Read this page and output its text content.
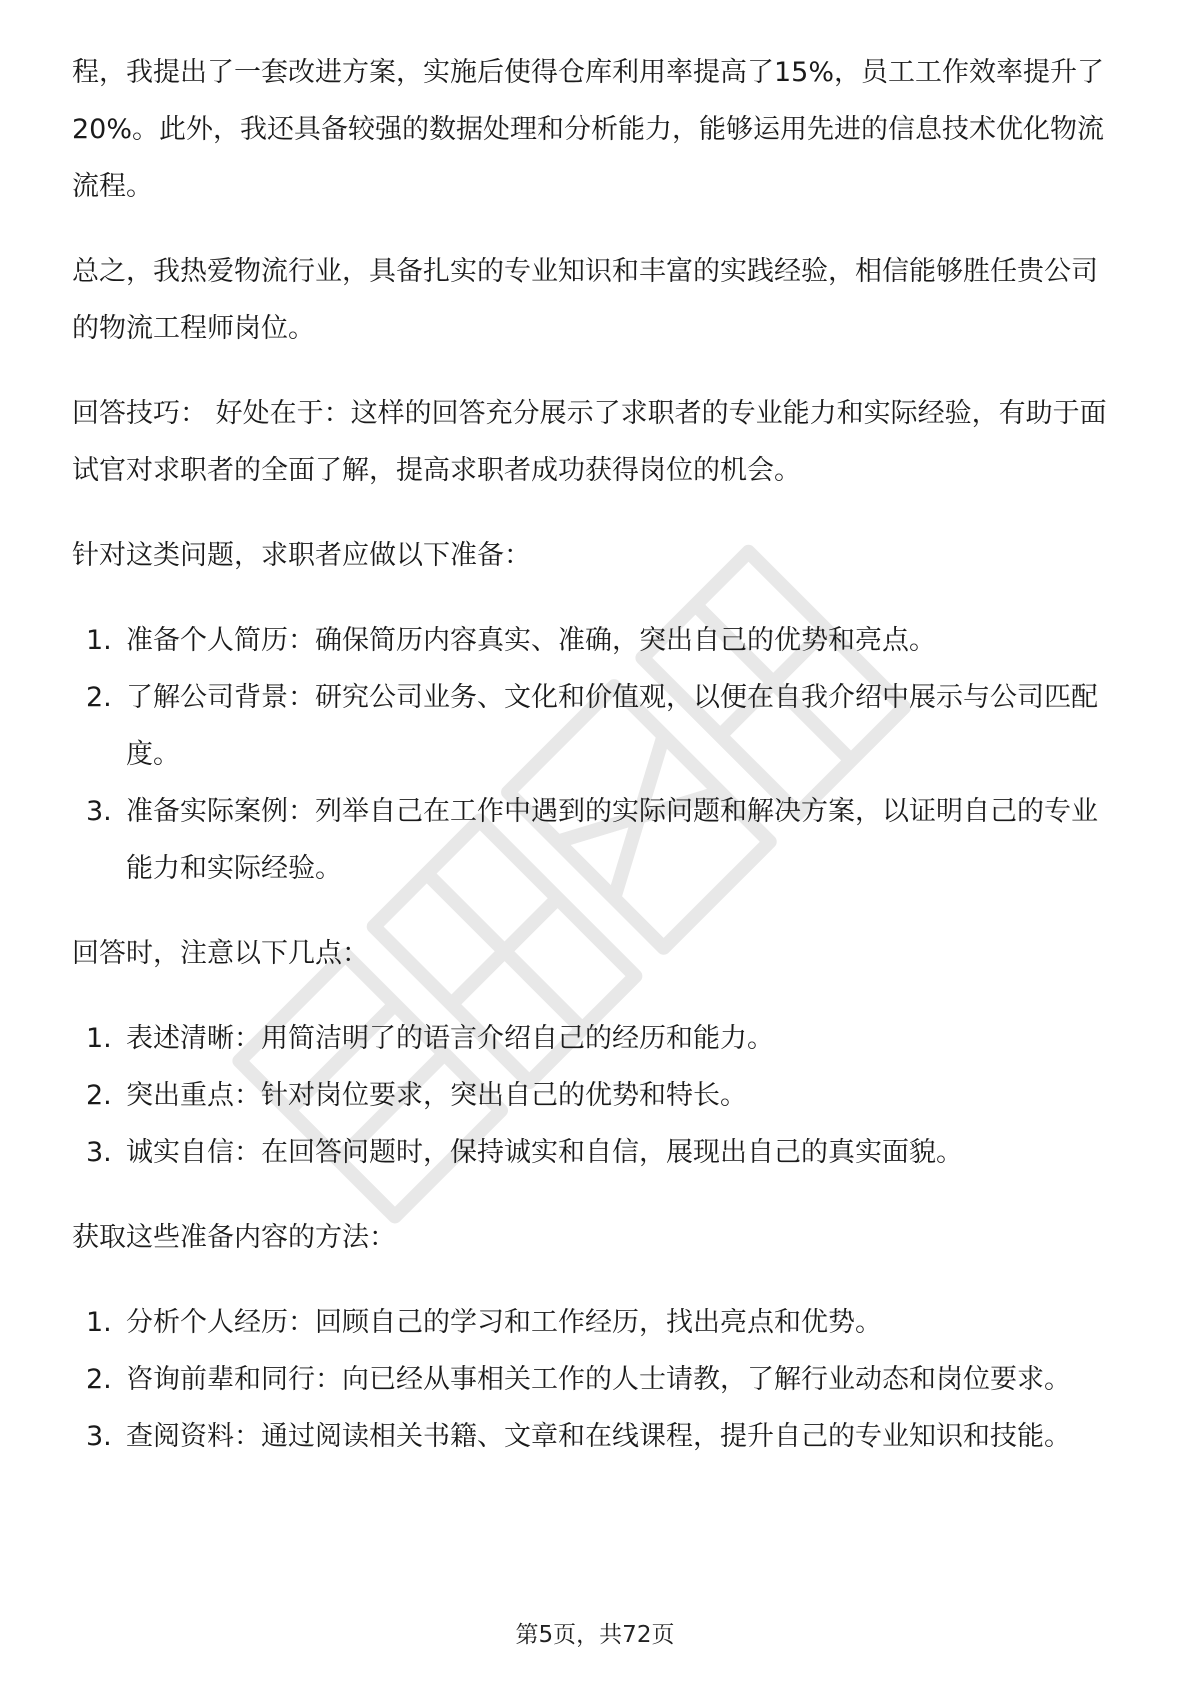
程，我提出了一套改进方案，实施后使得仓库利用率提高了15%，员工工作效率提升了20%。此外，我还具备较强的数据处理和分析能力，能够运用先进的信息技术优化物流流程。

总之，我热爱物流行业，具备扎实的专业知识和丰富的实践经验，相信能够胜任贵公司的物流工程师岗位。

回答技巧： 好处在于：这样的回答充分展示了求职者的专业能力和实际经验，有助于面试官对求职者的全面了解，提高求职者成功获得岗位的机会。

针对这类问题，求职者应做以下准备：

1. 准备个人简历：确保简历内容真实、准确，突出自己的优势和亮点。
2. 了解公司背景：研究公司业务、文化和价值观，以便在自我介绍中展示与公司匹配度。
3. 准备实际案例：列举自己在工作中遇到的实际问题和解决方案，以证明自己的专业能力和实际经验。

回答时，注意以下几点：

1. 表述清晰：用简洁明了的语言介绍自己的经历和能力。
2. 突出重点：针对岗位要求，突出自己的优势和特长。
3. 诚实自信：在回答问题时，保持诚实和自信，展现出自己的真实面貌。

获取这些准备内容的方法：

1. 分析个人经历：回顾自己的学习和工作经历，找出亮点和优势。
2. 咨询前辈和同行：向已经从事相关工作的人士请教，了解行业动态和岗位要求。
3. 查阅资料：通过阅读相关书籍、文章和在线课程，提升自己的专业知识和技能。
第5页，共72页
